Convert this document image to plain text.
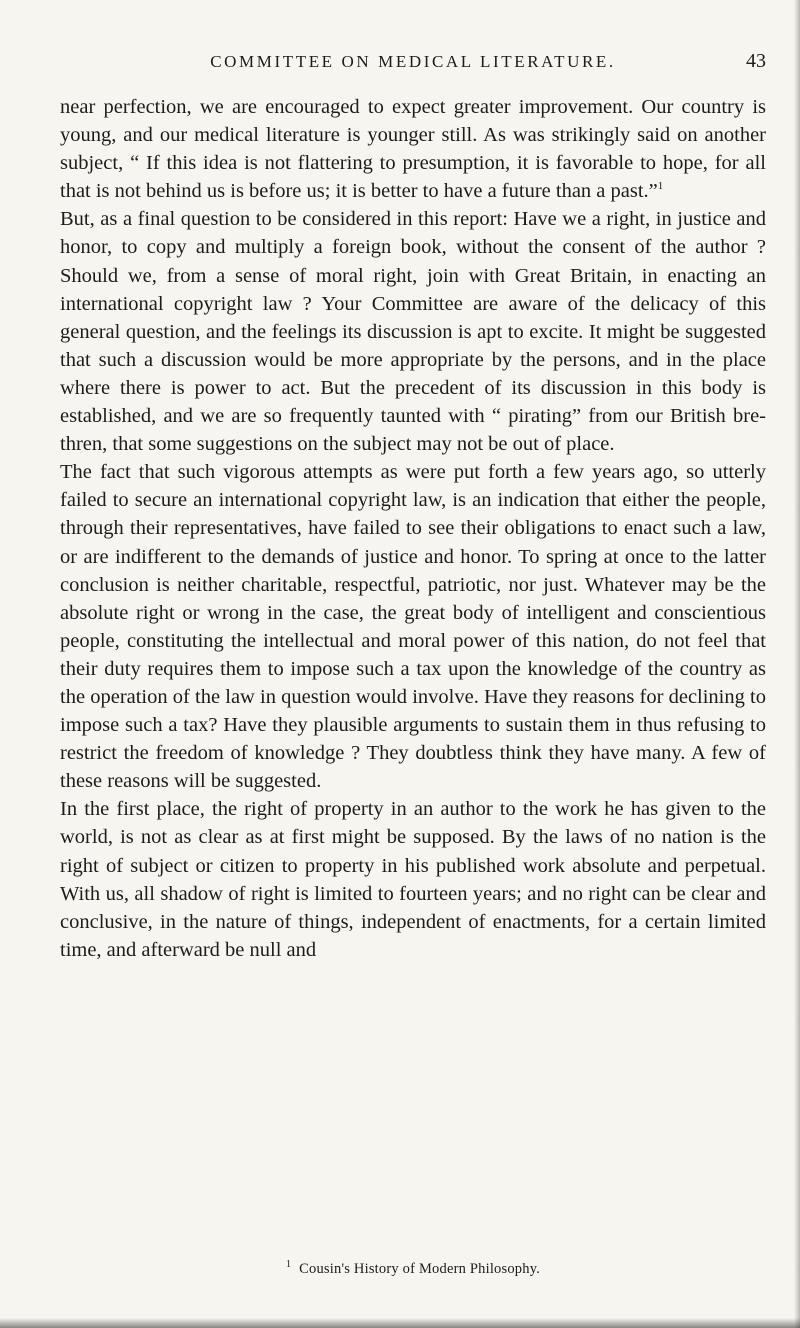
COMMITTEE ON MEDICAL LITERATURE.	43

near perfection, we are encouraged to expect greater improvement. Our country is young, and our medical literature is younger still. As was strikingly said on another subject, “ If this idea is not flattering to presumption, it is favorable to hope, for all that is not behind us is before us; it is better to have a future than a past.”$^1$

But, as a final question to be considered in this report: Have we a right, in justice and honor, to copy and multiply a foreign book, without the consent of the author ? Should we, from a sense of moral right, join with Great Britain, in enacting an international copyright law ? Your Committee are aware of the delicacy of this general question, and the feelings its discussion is apt to excite. It might be suggested that such a discussion would be more appropriate by the persons, and in the place where there is power to act. But the precedent of its discussion in this body is established, and we are so frequently taunted with “ pirating” from our British brethren, that some suggestions on the subject may not be out of place.

The fact that such vigorous attempts as were put forth a few years ago, so utterly failed to secure an international copyright law, is an indication that either the people, through their representatives, have failed to see their obligations to enact such a law, or are indifferent to the demands of justice and honor. To spring at once to the latter conclusion is neither charitable, respectful, patriotic, nor just. Whatever may be the absolute right or wrong in the case, the great body of intelligent and conscientious people, constituting the intellectual and moral power of this nation, do not feel that their duty requires them to impose such a tax upon the knowledge of the country as the operation of the law in question would involve. Have they reasons for declining to impose such a tax? Have they plausible arguments to sustain them in thus refusing to restrict the freedom of knowledge ? They doubtless think they have many. A few of these reasons will be suggested.

In the first place, the right of property in an author to the work he has given to the world, is not as clear as at first might be supposed. By the laws of no nation is the right of subject or citizen to property in his published work absolute and perpetual. With us, all shadow of right is limited to fourteen years; and no right can be clear and conclusive, in the nature of things, independent of enactments, for a certain limited time, and afterward be null and

$^1$ Cousin's History of Modern Philosophy.
